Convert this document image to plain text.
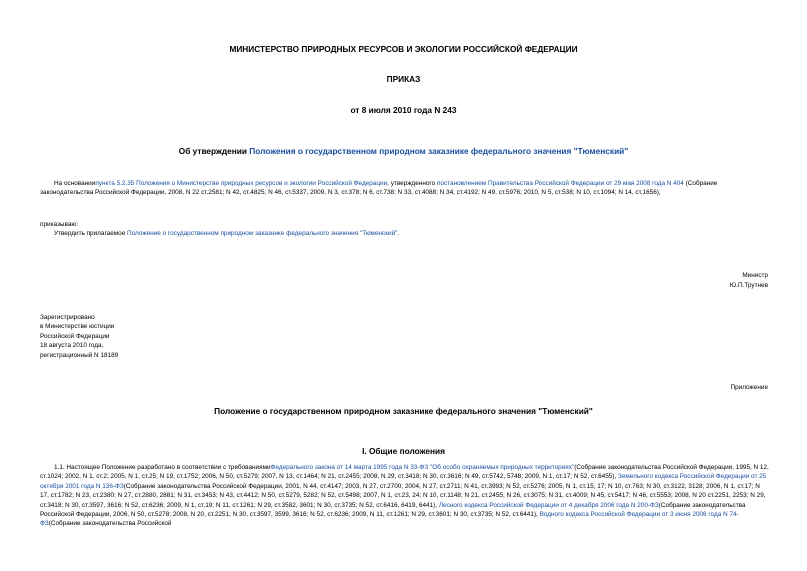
МИНИСТЕРСТВО ПРИРОДНЫХ РЕСУРСОВ И ЭКОЛОГИИ РОССИЙСКОЙ ФЕДЕРАЦИИ
ПРИКАЗ
от 8 июля 2010 года N 243
Об утверждении Положения о государственном природном заказнике федерального значения "Тюменский"
На основаниипункта 5.2.35 Положения о Министерстве природных ресурсов и экологии Российской Федерации, утвержденного постановлением Правительства Российской Федерации от 29 мая 2008 года N 404 (Собрание законодательства Российской Федерации, 2008, N 22 ст.2581; N 42, ст.4825; N 46, ст.5337, 2009, N 3, ст.378; N 6, ст.738; N 33, ст.4088; N 34, ст.4192; N 49, ст.5976; 2010, N 5, ст.538; N 10, ст.1094; N 14, ст.1656),
приказываю:
Утвердить прилагаемое Положение о государственном природном заказнике федерального значения "Тюменский".
Министр
Ю.П.Трутнев
Зарегистрировано
в Министерстве юстиции
Российской Федерации
18 августа 2010 года,
регистрационный N 18189
Приложение
Положение о государственном природном заказнике федерального значения "Тюменский"
I. Общие положения
1.1. Настоящее Положение разработано в соответствии с требованиямиФедерального закона от 14 марта 1995 года N 33-ФЗ "Об особо охраняемых природных территориях"(Собрание законодательства Российской Федерации, 1995, N 12, ст.1024; 2002, N 1, ст.2; 2005, N 1, ст.25; N 19, ст.1752; 2006, N 50, ст.5279; 2007, N 13, ст.1464; N 21, ст.2455; 2008, N 29, ст.3418; N 30, ст.3616; N 49, ст.5742, 5748; 2009, N 1, ст.17; N 52, ст.6455), Земельного кодекса Российской Федерации от 25 октября 2001 года N 136-ФЗ(Собрание законодательства Российской Федерации, 2001, N 44, ст.4147; 2003, N 27, ст.2700; 2004, N 27, ст.2711; N 41, ст.3993; N 52, ст.5276; 2005, N 1, ст.15, 17; N 10, ст.763; N 30, ст.3122, 3128; 2006, N 1, ст.17; N 17, ст.1782; N 23, ст.2380; N 27, ст.2880, 2881; N 31, ст.3453; N 43, ст.4412; N 50, ст.5279, 5282; N 52, ст.5498; 2007, N 1, ст.23, 24; N 10, ст.1148; N 21, ст.2455; N 26, ст.3075; N 31, ст.4009; N 45, ст.5417; N 46, ст.5553; 2008, N 20 ст.2251, 2253; N 29, ст.3418; N 30, ст.3597, 3616; N 52, ст.6236; 2009, N 1, ст.19; N 11, ст.1261; N 29, ст.3582, 3601; N 30, ст.3735; N 52, ст.6416, 6419, 6441), Лесного кодекса Российской Федерации от 4 декабря 2006 года N 200-ФЗ(Собрание законодательства Российской Федерации, 2006, N 50, ст.5278; 2008, N 20, ст.2251; N 30, ст.3597, 3599, 3616; N 52, ст.6236; 2009, N 11, ст.1261; N 29, ст.3601; N 30, ст.3735; N 52, ст.6441), Водного кодекса Российской Федерации от 3 июня 2006 года N 74-ФЗ(Собрание законодательства Российской
